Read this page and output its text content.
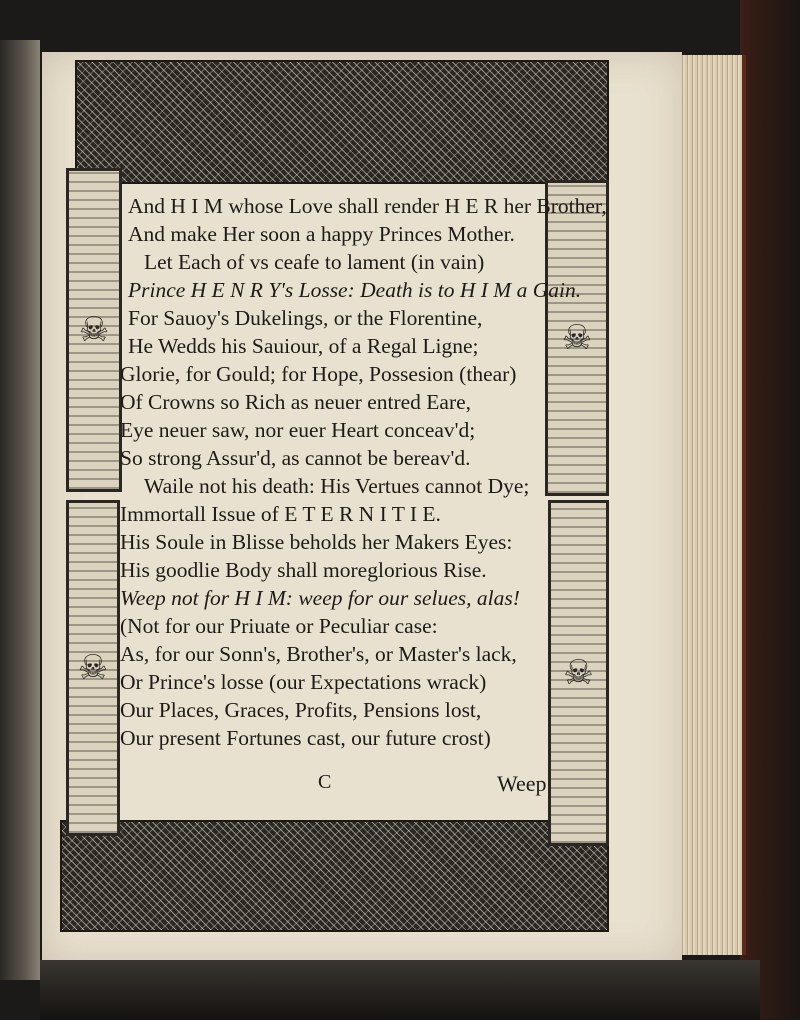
☠
☠
☠
☠
And H I M whose Love shall render H E R her Brother,
And make Her soon a happy Princes Mother.
Let Each of vs ceafe to lament (in vain)
Prince H E N R Y's Losse: Death is to H I M a Gain.
For Sauoy's Dukelings, or the Florentine,
He Wedds his Sauiour, of a Regal Ligne;
Glorie, for Gould; for Hope, Possesion (thear)
Of Crowns so Rich as neuer entred Eare,
Eye neuer saw, nor euer Heart conceav'd;
So strong Assur'd, as cannot be bereav'd.
Waile not his death: His Vertues cannot Dye;
Immortall Issue of E T E R N I T I E.
His Soule in Blisse beholds her Makers Eyes:
His goodlie Body shall moreglorious Rise.
Weep not for H I M: weep for our selues, alas!
(Not for our Priuate or Peculiar case:
As, for our Sonn's, Brother's, or Master's lack,
Or Prince's losse (our Expectations wrack)
Our Places, Graces, Profits, Pensions lost,
Our present Fortunes cast, our future crost)
C	Weep
